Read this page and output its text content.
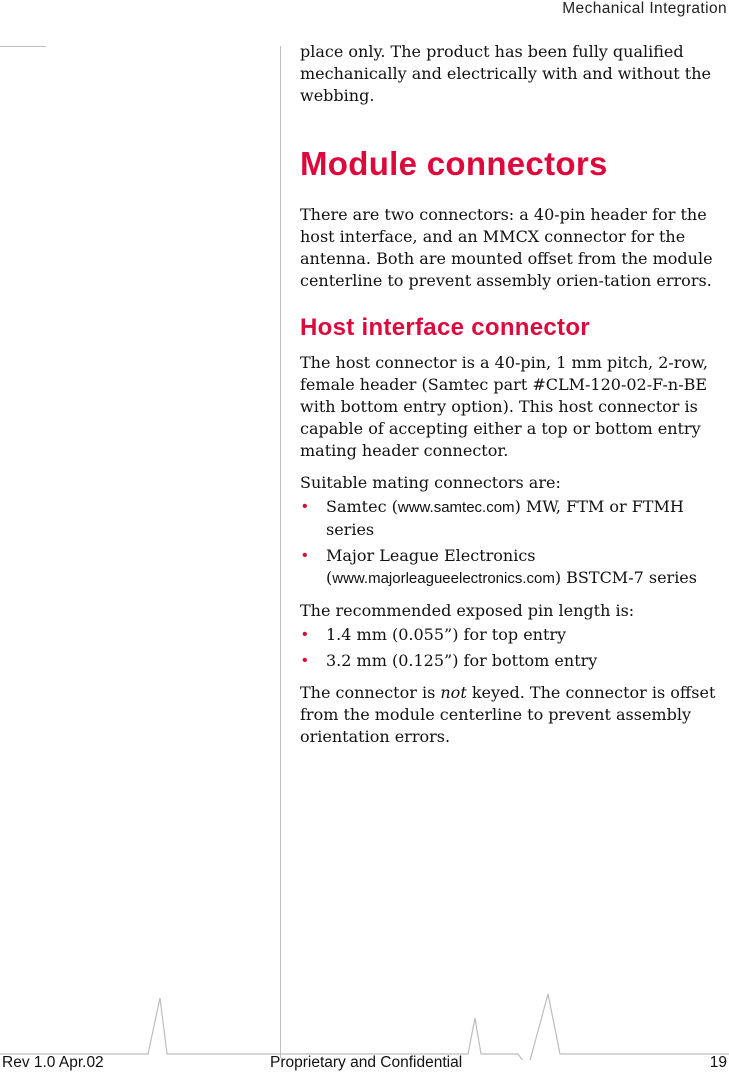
Mechanical Integration

place only. The product has been fully qualified mechanically and electrically with and without the webbing.

Module connectors

There are two connectors: a 40-pin header for the host interface, and an MMCX connector for the antenna. Both are mounted offset from the module centerline to prevent assembly orien-tation errors.

Host interface connector

The host connector is a 40-pin, 1 mm pitch, 2-row, female header (Samtec part #CLM-120-02-F-n-BE with bottom entry option). This host connector is capable of accepting either a top or bottom entry mating header connector.

Suitable mating connectors are:

• Samtec (www.samtec.com) MW, FTM or FTMH series
• Major League Electronics (www.majorleagueelectronics.com) BSTCM-7 series

The recommended exposed pin length is:

• 1.4 mm (0.055”) for top entry
• 3.2 mm (0.125”) for bottom entry

The connector is not keyed. The connector is offset from the module centerline to prevent assembly orientation errors.

Rev 1.0 Apr.02	Proprietary and Confidential	19
